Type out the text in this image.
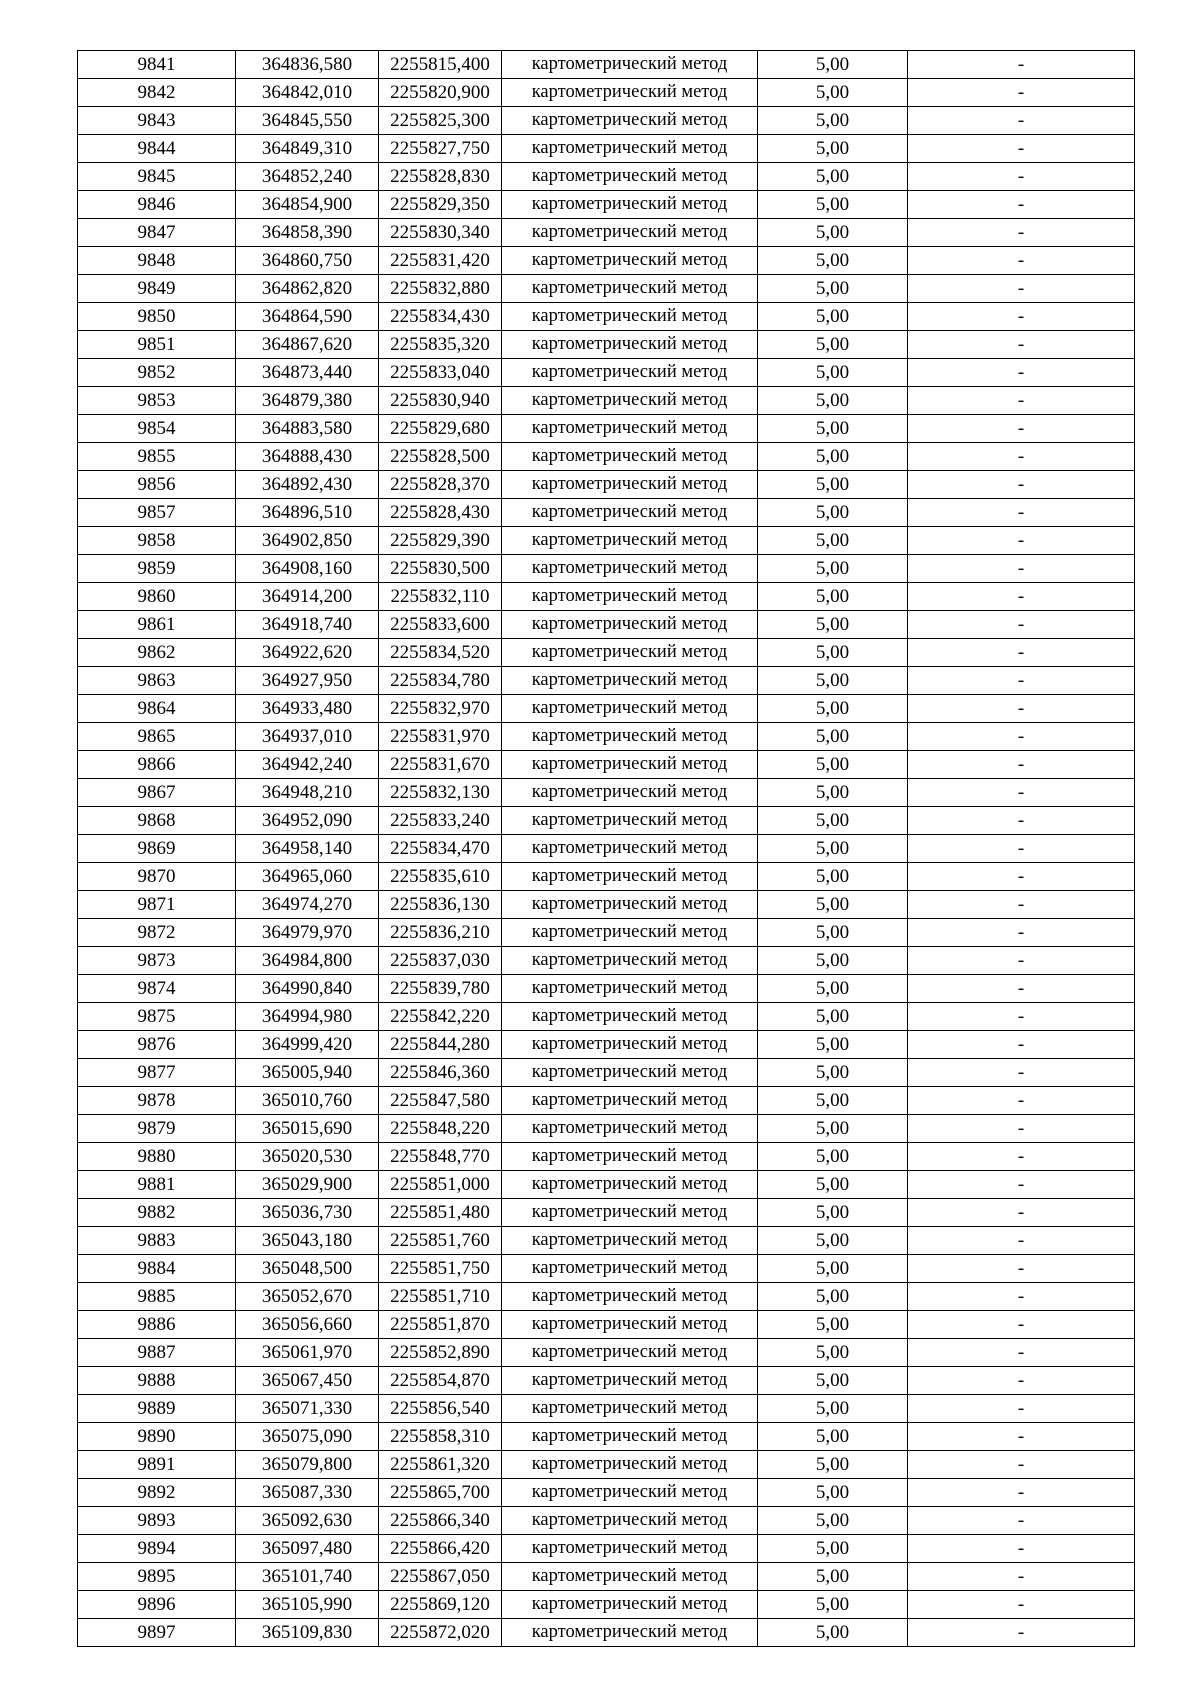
9841	364836,580	2255815,400	картометрический метод	5,00	-
9842	364842,010	2255820,900	картометрический метод	5,00	-
9843	364845,550	2255825,300	картометрический метод	5,00	-
9844	364849,310	2255827,750	картометрический метод	5,00	-
9845	364852,240	2255828,830	картометрический метод	5,00	-
9846	364854,900	2255829,350	картометрический метод	5,00	-
9847	364858,390	2255830,340	картометрический метод	5,00	-
9848	364860,750	2255831,420	картометрический метод	5,00	-
9849	364862,820	2255832,880	картометрический метод	5,00	-
9850	364864,590	2255834,430	картометрический метод	5,00	-
9851	364867,620	2255835,320	картометрический метод	5,00	-
9852	364873,440	2255833,040	картометрический метод	5,00	-
9853	364879,380	2255830,940	картометрический метод	5,00	-
9854	364883,580	2255829,680	картометрический метод	5,00	-
9855	364888,430	2255828,500	картометрический метод	5,00	-
9856	364892,430	2255828,370	картометрический метод	5,00	-
9857	364896,510	2255828,430	картометрический метод	5,00	-
9858	364902,850	2255829,390	картометрический метод	5,00	-
9859	364908,160	2255830,500	картометрический метод	5,00	-
9860	364914,200	2255832,110	картометрический метод	5,00	-
9861	364918,740	2255833,600	картометрический метод	5,00	-
9862	364922,620	2255834,520	картометрический метод	5,00	-
9863	364927,950	2255834,780	картометрический метод	5,00	-
9864	364933,480	2255832,970	картометрический метод	5,00	-
9865	364937,010	2255831,970	картометрический метод	5,00	-
9866	364942,240	2255831,670	картометрический метод	5,00	-
9867	364948,210	2255832,130	картометрический метод	5,00	-
9868	364952,090	2255833,240	картометрический метод	5,00	-
9869	364958,140	2255834,470	картометрический метод	5,00	-
9870	364965,060	2255835,610	картометрический метод	5,00	-
9871	364974,270	2255836,130	картометрический метод	5,00	-
9872	364979,970	2255836,210	картометрический метод	5,00	-
9873	364984,800	2255837,030	картометрический метод	5,00	-
9874	364990,840	2255839,780	картометрический метод	5,00	-
9875	364994,980	2255842,220	картометрический метод	5,00	-
9876	364999,420	2255844,280	картометрический метод	5,00	-
9877	365005,940	2255846,360	картометрический метод	5,00	-
9878	365010,760	2255847,580	картометрический метод	5,00	-
9879	365015,690	2255848,220	картометрический метод	5,00	-
9880	365020,530	2255848,770	картометрический метод	5,00	-
9881	365029,900	2255851,000	картометрический метод	5,00	-
9882	365036,730	2255851,480	картометрический метод	5,00	-
9883	365043,180	2255851,760	картометрический метод	5,00	-
9884	365048,500	2255851,750	картометрический метод	5,00	-
9885	365052,670	2255851,710	картометрический метод	5,00	-
9886	365056,660	2255851,870	картометрический метод	5,00	-
9887	365061,970	2255852,890	картометрический метод	5,00	-
9888	365067,450	2255854,870	картометрический метод	5,00	-
9889	365071,330	2255856,540	картометрический метод	5,00	-
9890	365075,090	2255858,310	картометрический метод	5,00	-
9891	365079,800	2255861,320	картометрический метод	5,00	-
9892	365087,330	2255865,700	картометрический метод	5,00	-
9893	365092,630	2255866,340	картометрический метод	5,00	-
9894	365097,480	2255866,420	картометрический метод	5,00	-
9895	365101,740	2255867,050	картометрический метод	5,00	-
9896	365105,990	2255869,120	картометрический метод	5,00	-
9897	365109,830	2255872,020	картометрический метод	5,00	-
